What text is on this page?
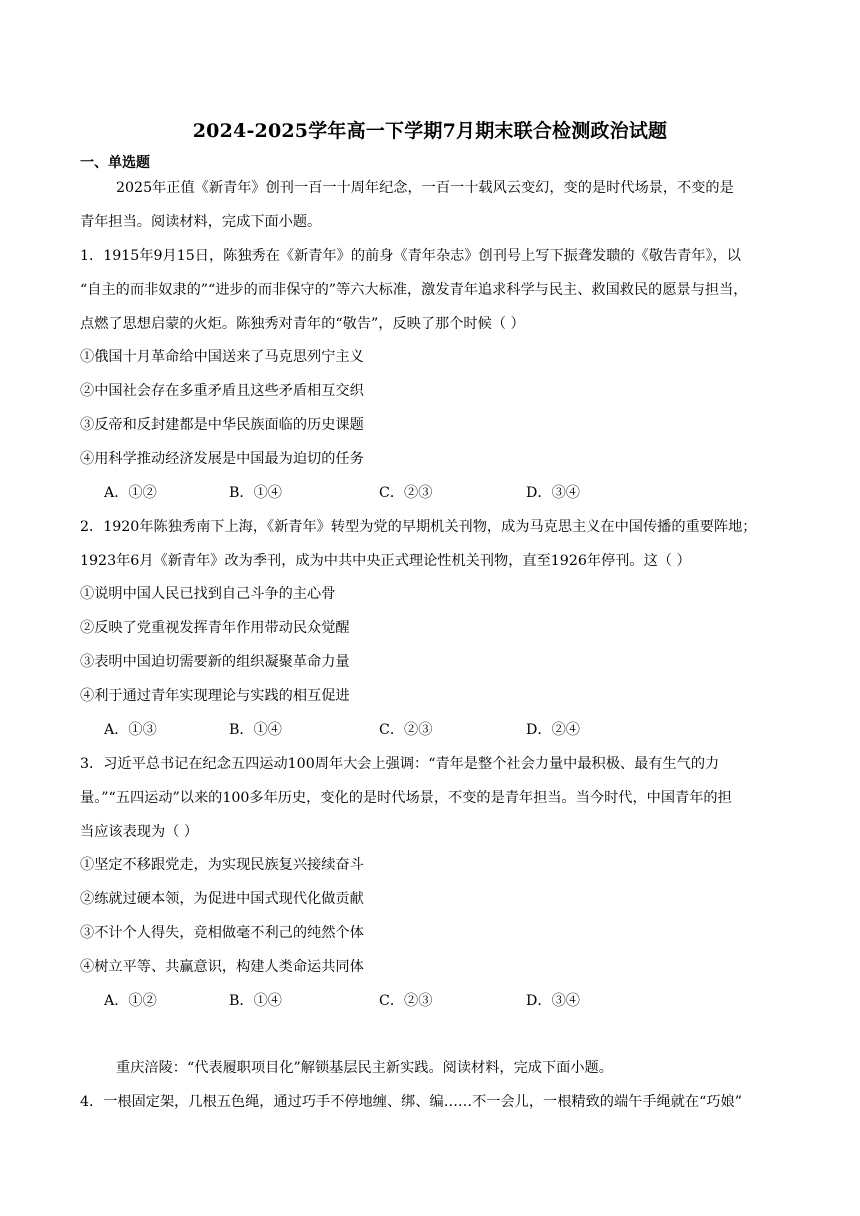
2024-2025学年高一下学期7月期末联合检测政治试题
一、单选题
2025年正值《新青年》创刊一百一十周年纪念，一百一十载风云变幻，变的是时代场景，不变的是
青年担当。阅读材料，完成下面小题。
1．1915年9月15日，陈独秀在《新青年》的前身《青年杂志》创刊号上写下振聋发聩的《敬告青年》，以
“自主的而非奴隶的”“进步的而非保守的”等六大标准，激发青年追求科学与民主、救国救民的愿景与担当，
点燃了思想启蒙的火炬。陈独秀对青年的“敬告”，反映了那个时候（ ）
①俄国十月革命给中国送来了马克思列宁主义
②中国社会存在多重矛盾且这些矛盾相互交织
③反帝和反封建都是中华民族面临的历史课题
④用科学推动经济发展是中国最为迫切的任务
A．①②	B．①④	C．②③	D．③④
2．1920年陈独秀南下上海，《新青年》转型为党的早期机关刊物，成为马克思主义在中国传播的重要阵地；
1923年6月《新青年》改为季刊，成为中共中央正式理论性机关刊物，直至1926年停刊。这（ ）
①说明中国人民已找到自己斗争的主心骨
②反映了党重视发挥青年作用带动民众觉醒
③表明中国迫切需要新的组织凝聚革命力量
④利于通过青年实现理论与实践的相互促进
A．①③	B．①④	C．②③	D．②④
3．习近平总书记在纪念五四运动100周年大会上强调：“青年是整个社会力量中最积极、最有生气的力
量。”“五四运动”以来的100多年历史，变化的是时代场景，不变的是青年担当。当今时代，中国青年的担
当应该表现为（ ）
①坚定不移跟党走，为实现民族复兴接续奋斗
②练就过硬本领，为促进中国式现代化做贡献
③不计个人得失，竞相做毫不利己的纯然个体
④树立平等、共赢意识，构建人类命运共同体
A．①②	B．①④	C．②③	D．③④
重庆涪陵：“代表履职项目化”解锁基层民主新实践。阅读材料，完成下面小题。
4．一根固定架，几根五色绳，通过巧手不停地缠、绑、编……不一会儿，一根精致的端午手绳就在“巧娘”
